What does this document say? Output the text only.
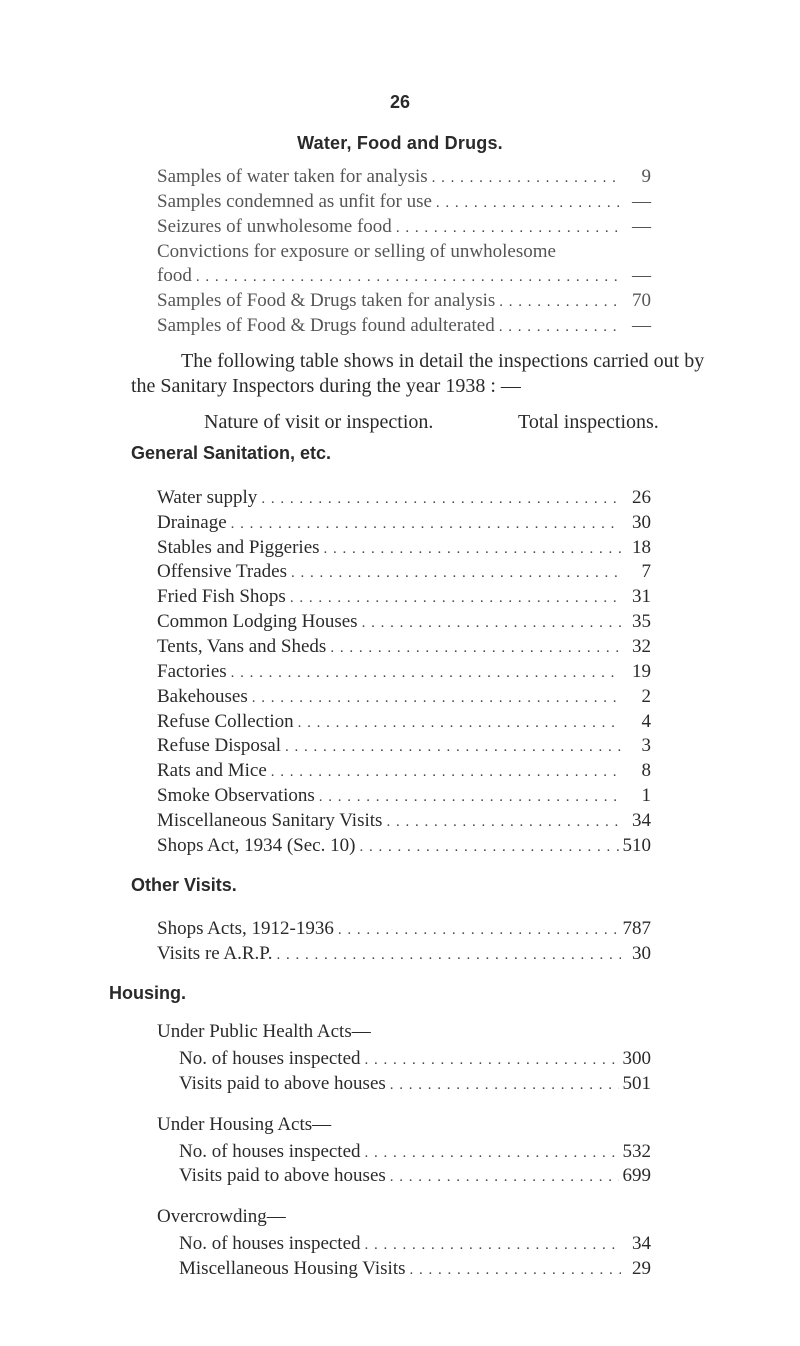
26
Water, Food and Drugs.
Samples of water taken for analysis . . .	9
Samples condemned as unfit for use . . .	—
Seizures of unwholesome food . . .	—
Convictions for exposure or selling of unwholesome
food . . .	—
Samples of Food & Drugs taken for analysis . . .	70
Samples of Food & Drugs found adulterated . . .	—
The following table shows in detail the inspections carried out by
the Sanitary Inspectors during the year 1938 : —
Nature of visit or inspection.	Total inspections.
General Sanitation, etc.
Water supply . . .	26
Drainage . . .	30
Stables and Piggeries . . .	18
Offensive Trades . . .	7
Fried Fish Shops . . .	31
Common Lodging Houses . . .	35
Tents, Vans and Sheds . . .	32
Factories . . .	19
Bakehouses . . .	2
Refuse Collection . . .	4
Refuse Disposal . . .	3
Rats and Mice . . .	8
Smoke Observations . . .	1
Miscellaneous Sanitary Visits . . .	34
Shops Act, 1934 (Sec. 10) . . .	510
Other Visits.
Shops Acts, 1912-1936 . . .	787
Visits re A.R.P. . . .	30
Housing.
Under Public Health Acts—
No. of houses inspected . . .	300
Visits paid to above houses . . .	501
Under Housing Acts—
No. of houses inspected . . .	532
Visits paid to above houses . . .	699
Overcrowding—
No. of houses inspected . . .	34
Miscellaneous Housing Visits . . .	29
